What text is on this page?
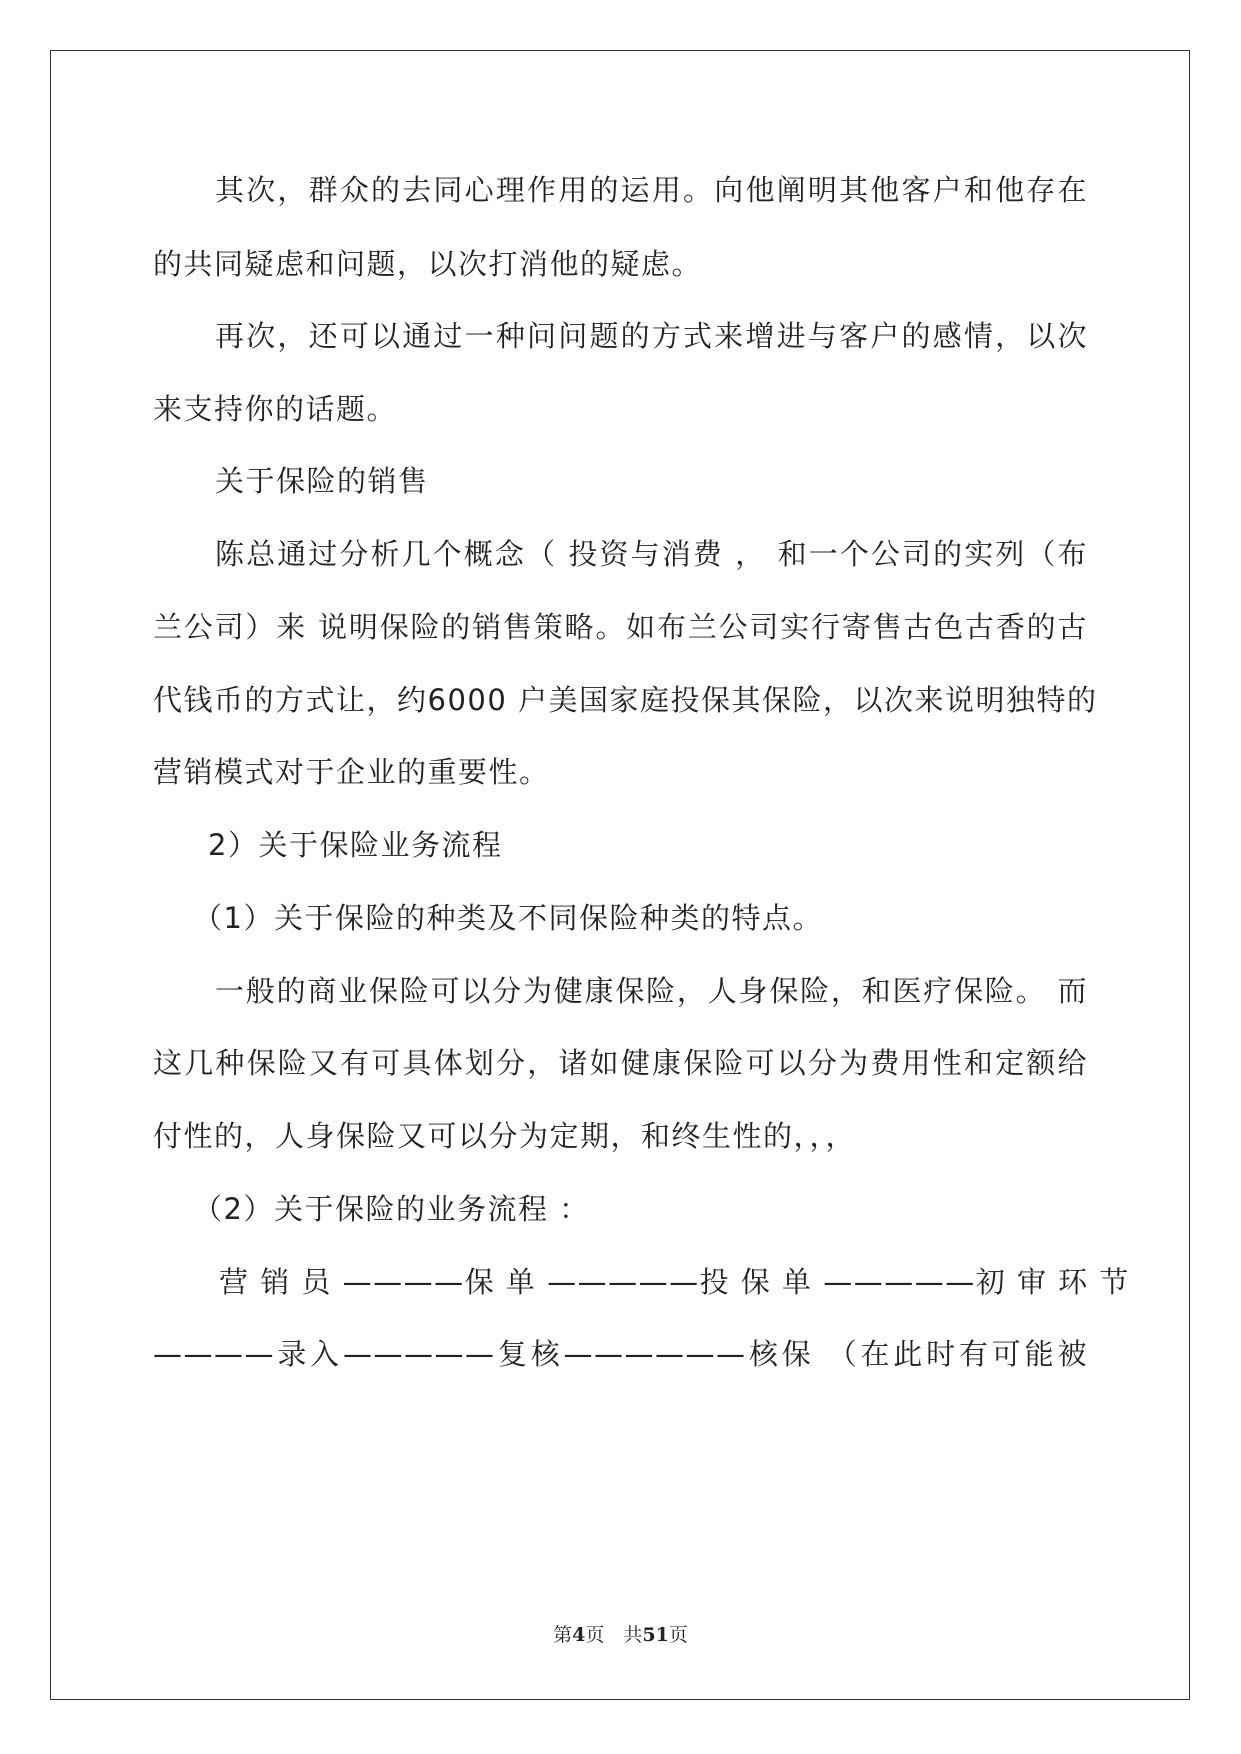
其次，群众的去同心理作用的运用。向他阐明其他客户和他存在
的共同疑虑和问题，以次打消他的疑虑。
再次，还可以通过一种问问题的方式来增进与客户的感情，以次
来支持你的话题。
关于保险的销售
陈总通过分析几个概念（ 投资与消费 ， 和一个公司的实列（布
兰公司）来 说明保险的销售策略。如布兰公司实行寄售古色古香的古
代钱币的方式让，约6000 户美国家庭投保其保险，以次来说明独特的
营销模式对于企业的重要性。
2）关于保险业务流程
（1）关于保险的种类及不同保险种类的特点。
一般的商业保险可以分为健康保险，人身保险，和医疗保险。 而
这几种保险又有可具体划分，诸如健康保险可以分为费用性和定额给
付性的，人身保险又可以分为定期，和终生性的，，，
（2）关于保险的业务流程 ：
营 销 员 ————保 单 —————投 保 单 —————初 审 环 节
————录入—————复核——————核保 （在此时有可能被
第4页　共51页
